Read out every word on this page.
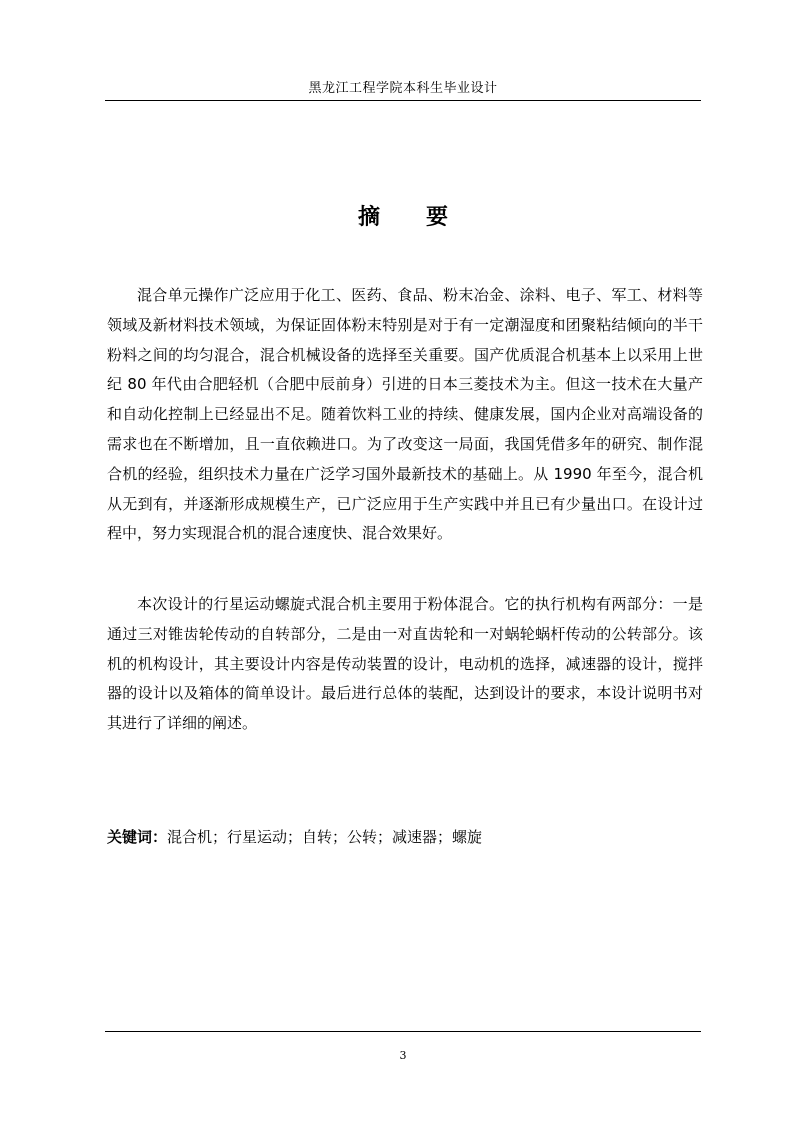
黑龙江工程学院本科生毕业设计
摘 要

混合单元操作广泛应用于化工、医药、食品、粉末冶金、涂料、电子、军工、材料等领域及新材料技术领域，为保证固体粉末特别是对于有一定潮湿度和团聚粘结倾向的半干粉料之间的均匀混合，混合机械设备的选择至关重要。国产优质混合机基本上以采用上世纪 80 年代由合肥轻机（合肥中辰前身）引进的日本三菱技术为主。但这一技术在大量产和自动化控制上已经显出不足。随着饮料工业的持续、健康发展，国内企业对高端设备的需求也在不断增加，且一直依赖进口。为了改变这一局面，我国凭借多年的研究、制作混合机的经验，组织技术力量在广泛学习国外最新技术的基础上。从 1990 年至今，混合机从无到有，并逐渐形成规模生产，已广泛应用于生产实践中并且已有少量出口。在设计过程中，努力实现混合机的混合速度快、混合效果好。

本次设计的行星运动螺旋式混合机主要用于粉体混合。它的执行机构有两部分：一是通过三对锥齿轮传动的自转部分，二是由一对直齿轮和一对蜗轮蜗杆传动的公转部分。该机的机构设计，其主要设计内容是传动装置的设计，电动机的选择，减速器的设计，搅拌器的设计以及箱体的简单设计。最后进行总体的装配，达到设计的要求，本设计说明书对其进行了详细的阐述。

关键词：混合机；行星运动；自转；公转；减速器；螺旋
3
